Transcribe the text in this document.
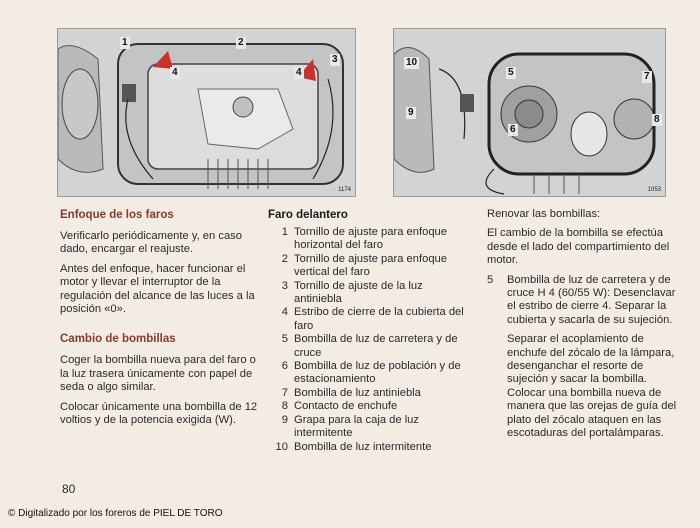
1	2
3
4	4
1174
5
6
7
8
9
10
1053
Enfoque de los faros

Verificarlo periódicamente y, en caso dado, encargar el reajuste.

Antes del enfoque, hacer funcionar el motor y llevar el interruptor de la regulación del alcance de las luces a la posición «0».

Cambio de bombillas

Coger la bombilla nueva para del faro o la luz trasera únicamente con papel de seda o algo similar.

Colocar únicamente una bombilla de 12 voltios y de la potencia exigida (W).

Faro delantero
1 Tornillo de ajuste para enfoque horizontal del faro
2 Tornillo de ajuste para enfoque vertical del faro
3 Tornillo de ajuste de la luz antiniebla
4 Estribo de cierre de la cubierta del faro
5 Bombilla de luz de carretera y de cruce
6 Bombilla de luz de población y de estacionamiento
7 Bombilla de luz antiniebla
8 Contacto de enchufe
9 Grapa para la caja de luz intermitente
10 Bombilla de luz intermitente

Renovar las bombillas:

El cambio de la bombilla se efectúa desde el lado del compartimiento del motor.

5	Bombilla de luz de carretera y de cruce H 4 (60/55 W): Desenclavar el estribo de cierre 4. Separar la cubierta y sacarla de su sujeción.

Separar el acoplamiento de enchufe del zócalo de la lámpara, desenganchar el resorte de sujeción y sacar la bombilla. Colocar una bombilla nueva de manera que las orejas de guía del plato del zócalo ataquen en las escotaduras del portalámparas.

80
© Digitalizado por los foreros de PIEL DE TORO
